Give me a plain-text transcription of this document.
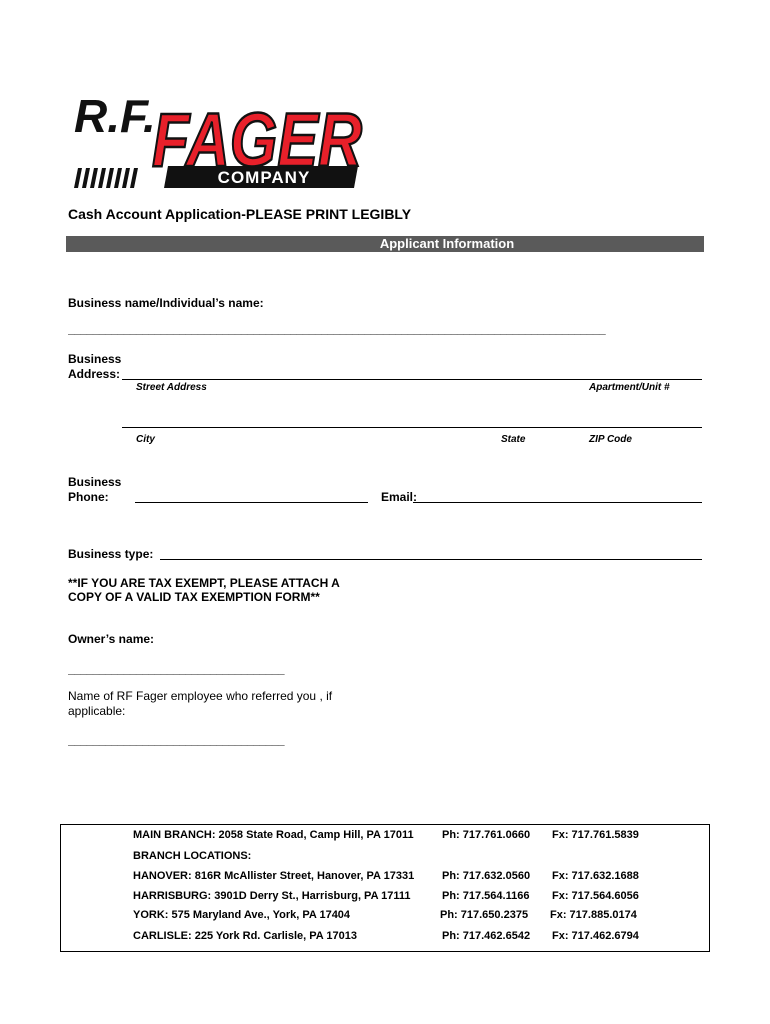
COMPANY
R.F.
FAGER
Cash Account Application-PLEASE PRINT LEGIBLY
Applicant Information
Business name/Individual’s name:
_______________________________________________________________________________________
Business
Address:
Street Address	Apartment/Unit #
City	State	ZIP Code
Business
Phone:	Email:
Business type:
**IF YOU ARE TAX EXEMPT, PLEASE ATTACH A
COPY OF A VALID TAX EXEMPTION FORM**
Owner’s name:
___________________________________
Name of RF Fager employee who referred you , if
applicable:
___________________________________
MAIN BRANCH: 2058 State Road, Camp Hill, PA 17011	Ph: 717.761.0660 Fx: 717.761.5839
BRANCH LOCATIONS:
HANOVER: 816R McAllister Street, Hanover, PA 17331	Ph: 717.632.0560 Fx: 717.632.1688
HARRISBURG: 3901D Derry St., Harrisburg, PA 17111	Ph: 717.564.1166 Fx: 717.564.6056
YORK: 575 Maryland Ave., York, PA 17404	Ph: 717.650.2375 Fx: 717.885.0174
CARLISLE: 225 York Rd. Carlisle, PA 17013	Ph: 717.462.6542 Fx: 717.462.6794
